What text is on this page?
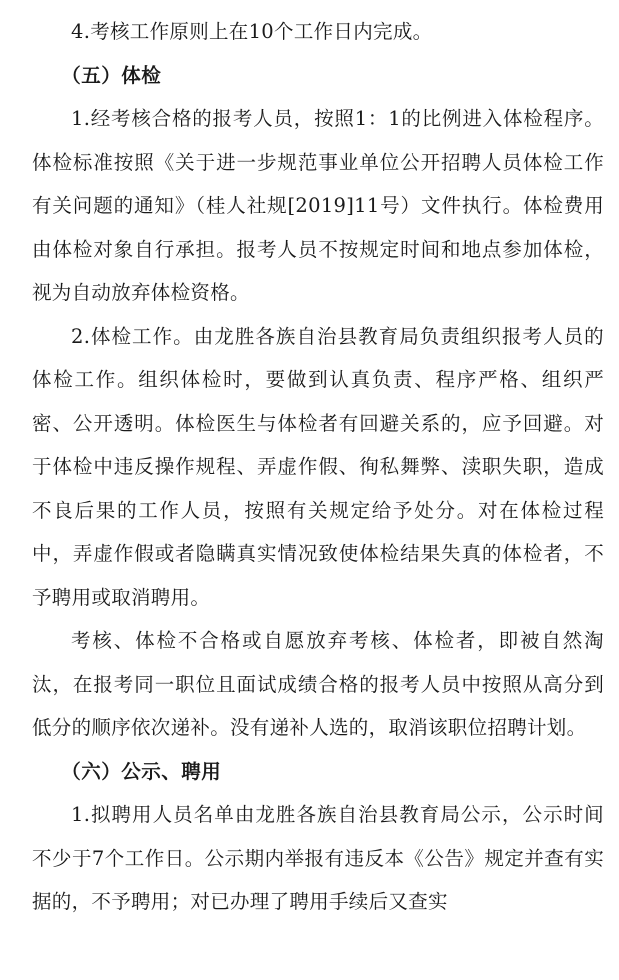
4.考核工作原则上在10个工作日内完成。

（五）体检

1.经考核合格的报考人员，按照1：1的比例进入体检程序。体检标准按照《关于进一步规范事业单位公开招聘人员体检工作有关问题的通知》（桂人社规[2019]11号）文件执行。体检费用由体检对象自行承担。报考人员不按规定时间和地点参加体检，视为自动放弃体检资格。

2.体检工作。由龙胜各族自治县教育局负责组织报考人员的体检工作。组织体检时，要做到认真负责、程序严格、组织严密、公开透明。体检医生与体检者有回避关系的，应予回避。对于体检中违反操作规程、弄虚作假、徇私舞弊、渎职失职，造成不良后果的工作人员，按照有关规定给予处分。对在体检过程中，弄虚作假或者隐瞒真实情况致使体检结果失真的体检者，不予聘用或取消聘用。

考核、体检不合格或自愿放弃考核、体检者，即被自然淘汰，在报考同一职位且面试成绩合格的报考人员中按照从高分到低分的顺序依次递补。没有递补人选的，取消该职位招聘计划。

（六）公示、聘用

1.拟聘用人员名单由龙胜各族自治县教育局公示，公示时间不少于7个工作日。公示期内举报有违反本《公告》规定并查有实据的，不予聘用；对已办理了聘用手续后又查实
